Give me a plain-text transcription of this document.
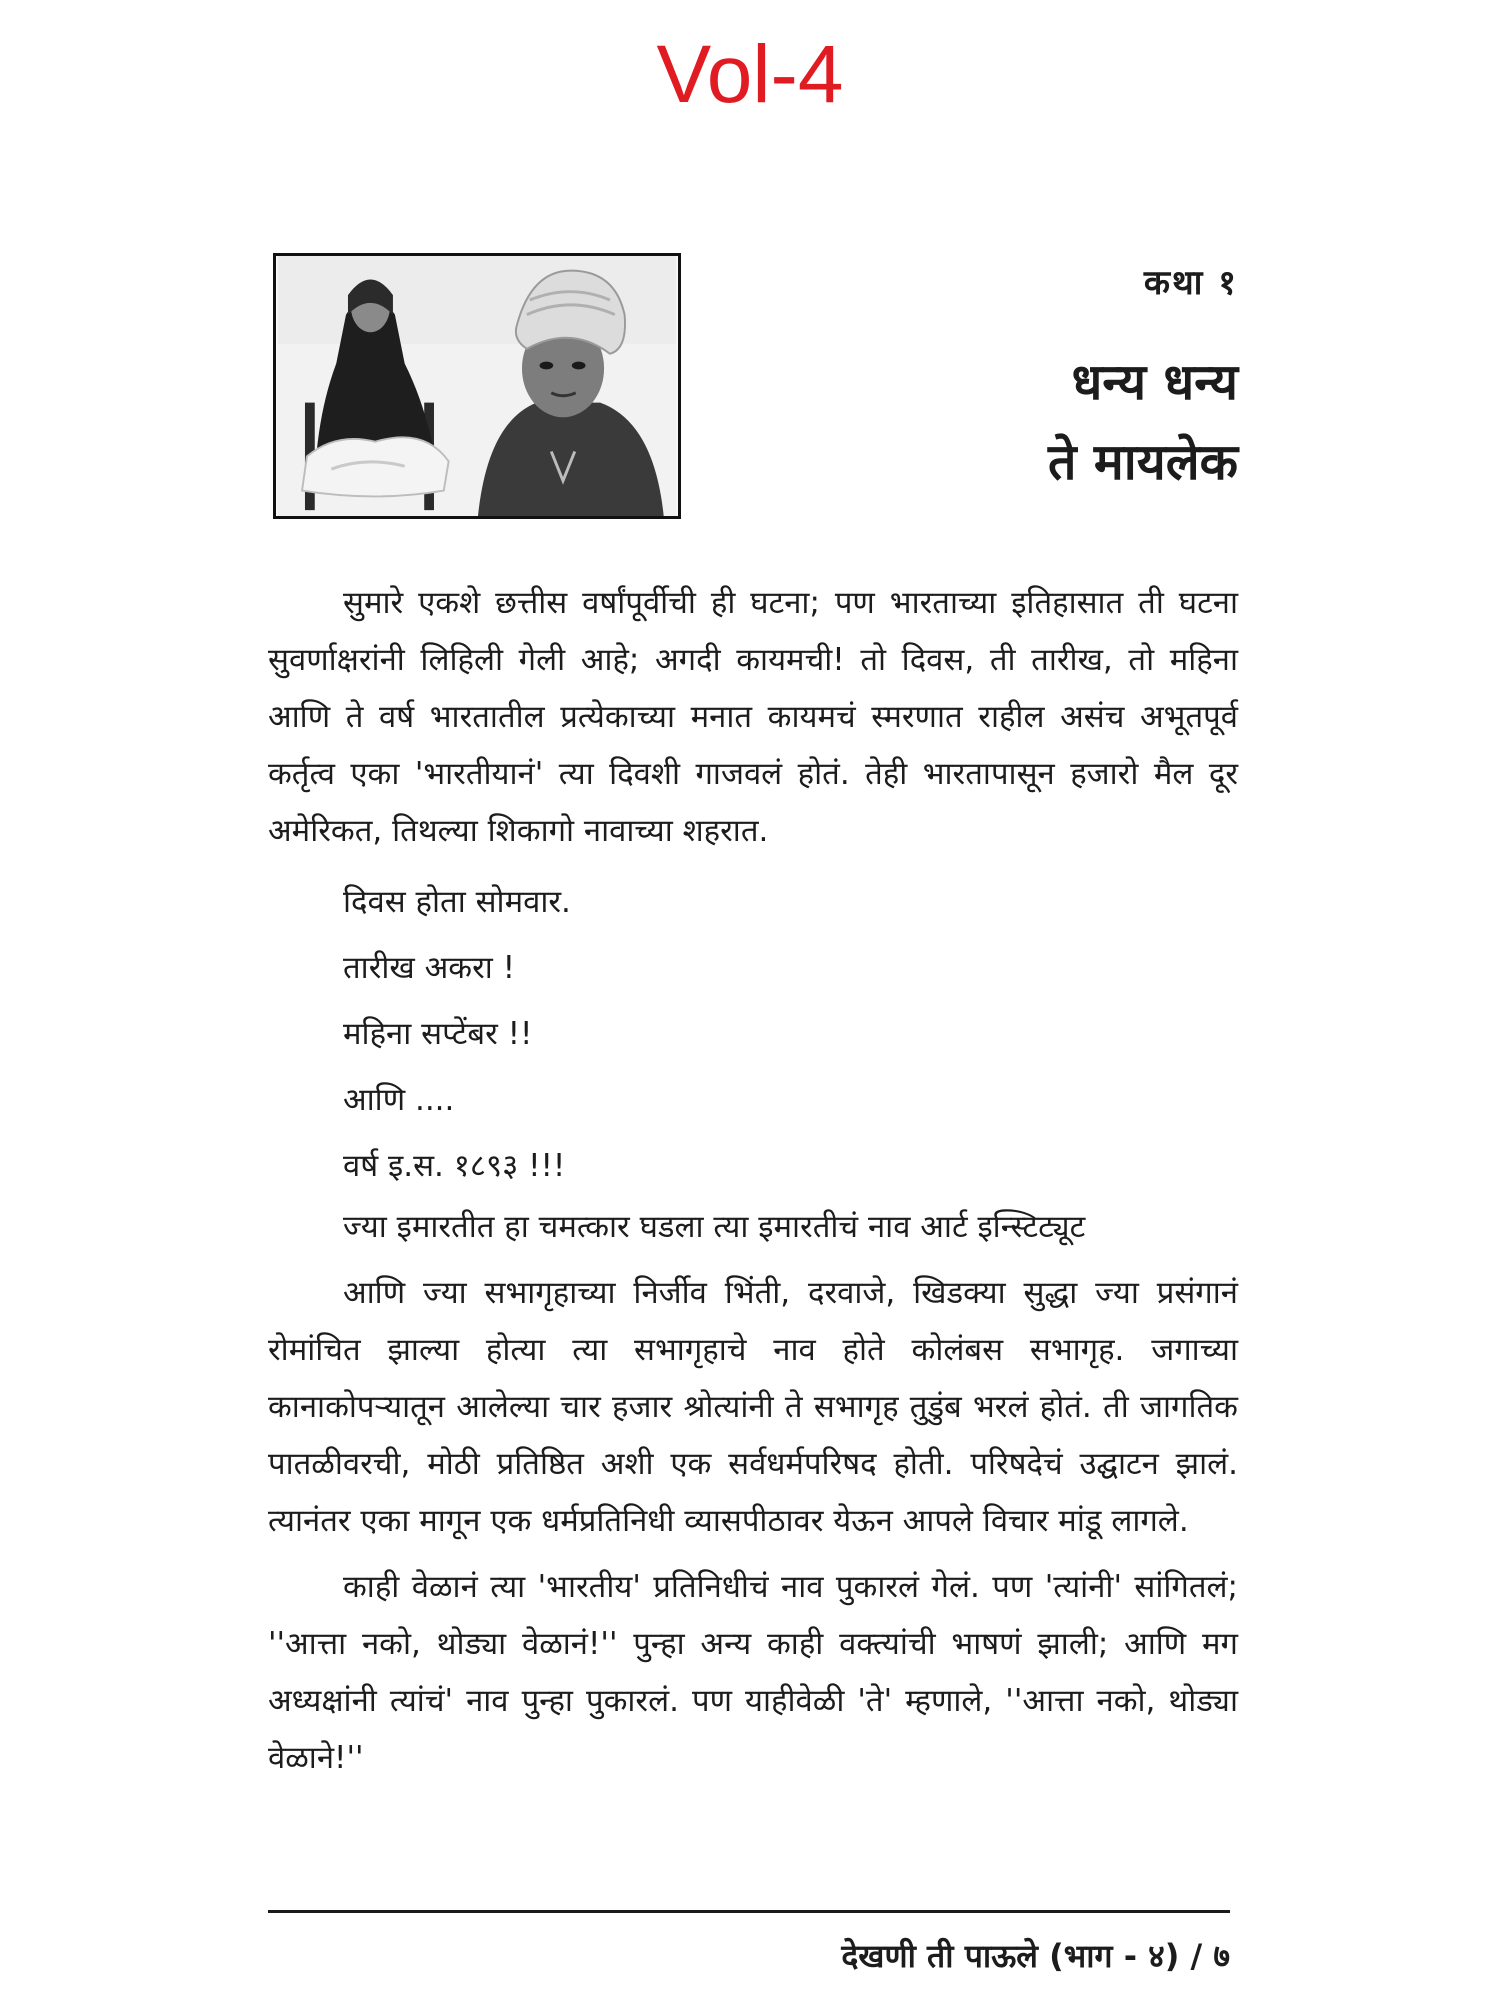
Vol-4
कथा १
धन्य धन्य
ते मायलेक

सुमारे एकशे छत्तीस वर्षांपूर्वीची ही घटना; पण भारताच्या इतिहासात ती घटना सुवर्णाक्षरांनी लिहिली गेली आहे; अगदी कायमची! तो दिवस, ती तारीख, तो महिना आणि ते वर्ष भारतातील प्रत्येकाच्या मनात कायमचं स्मरणात राहील असंच अभूतपूर्व कर्तृत्व एका 'भारतीयानं' त्या दिवशी गाजवलं होतं. तेही भारतापासून हजारो मैल दूर अमेरिकत, तिथल्या शिकागो नावाच्या शहरात.

दिवस होता सोमवार.

तारीख अकरा !

महिना सप्टेंबर !!

आणि ....

वर्ष इ.स. १८९३ !!!

ज्या इमारतीत हा चमत्कार घडला त्या इमारतीचं नाव आर्ट इन्स्टिट्यूट

आणि ज्या सभागृहाच्या निर्जीव भिंती, दरवाजे, खिडक्या सुद्धा ज्या प्रसंगानं रोमांचित झाल्या होत्या त्या सभागृहाचे नाव होते कोलंबस सभागृह. जगाच्या कानाकोपऱ्यातून आलेल्या चार हजार श्रोत्यांनी ते सभागृह तुडुंब भरलं होतं. ती जागतिक पातळीवरची, मोठी प्रतिष्ठित अशी एक सर्वधर्मपरिषद होती. परिषदेचं उद्घाटन झालं. त्यानंतर एका मागून एक धर्मप्रतिनिधी व्यासपीठावर येऊन आपले विचार मांडू लागले.

काही वेळानं त्या 'भारतीय' प्रतिनिधीचं नाव पुकारलं गेलं. पण 'त्यांनी' सांगितलं; ''आत्ता नको, थोड्या वेळानं!'' पुन्हा अन्य काही वक्त्यांची भाषणं झाली; आणि मग अध्यक्षांनी त्यांचं' नाव पुन्हा पुकारलं. पण याहीवेळी 'ते' म्हणाले, ''आत्ता नको, थोड्या वेळाने!''

देखणी ती पाऊले (भाग - ४) / ७
